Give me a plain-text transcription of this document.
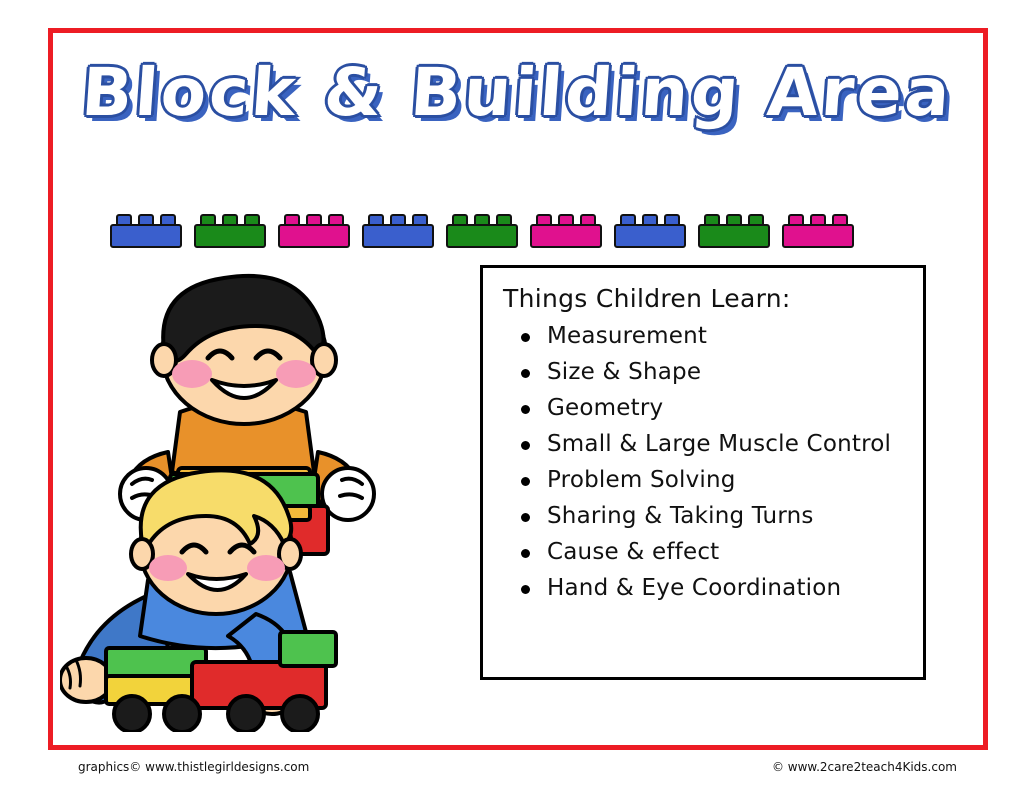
Block & Building Area
Things Children Learn:
Measurement
Size & Shape
Geometry
Small & Large Muscle Control
Problem Solving
Sharing & Taking Turns
Cause & effect
Hand & Eye Coordination
graphics© www.thistlegirldesigns.com	© www.2care2teach4Kids.com
